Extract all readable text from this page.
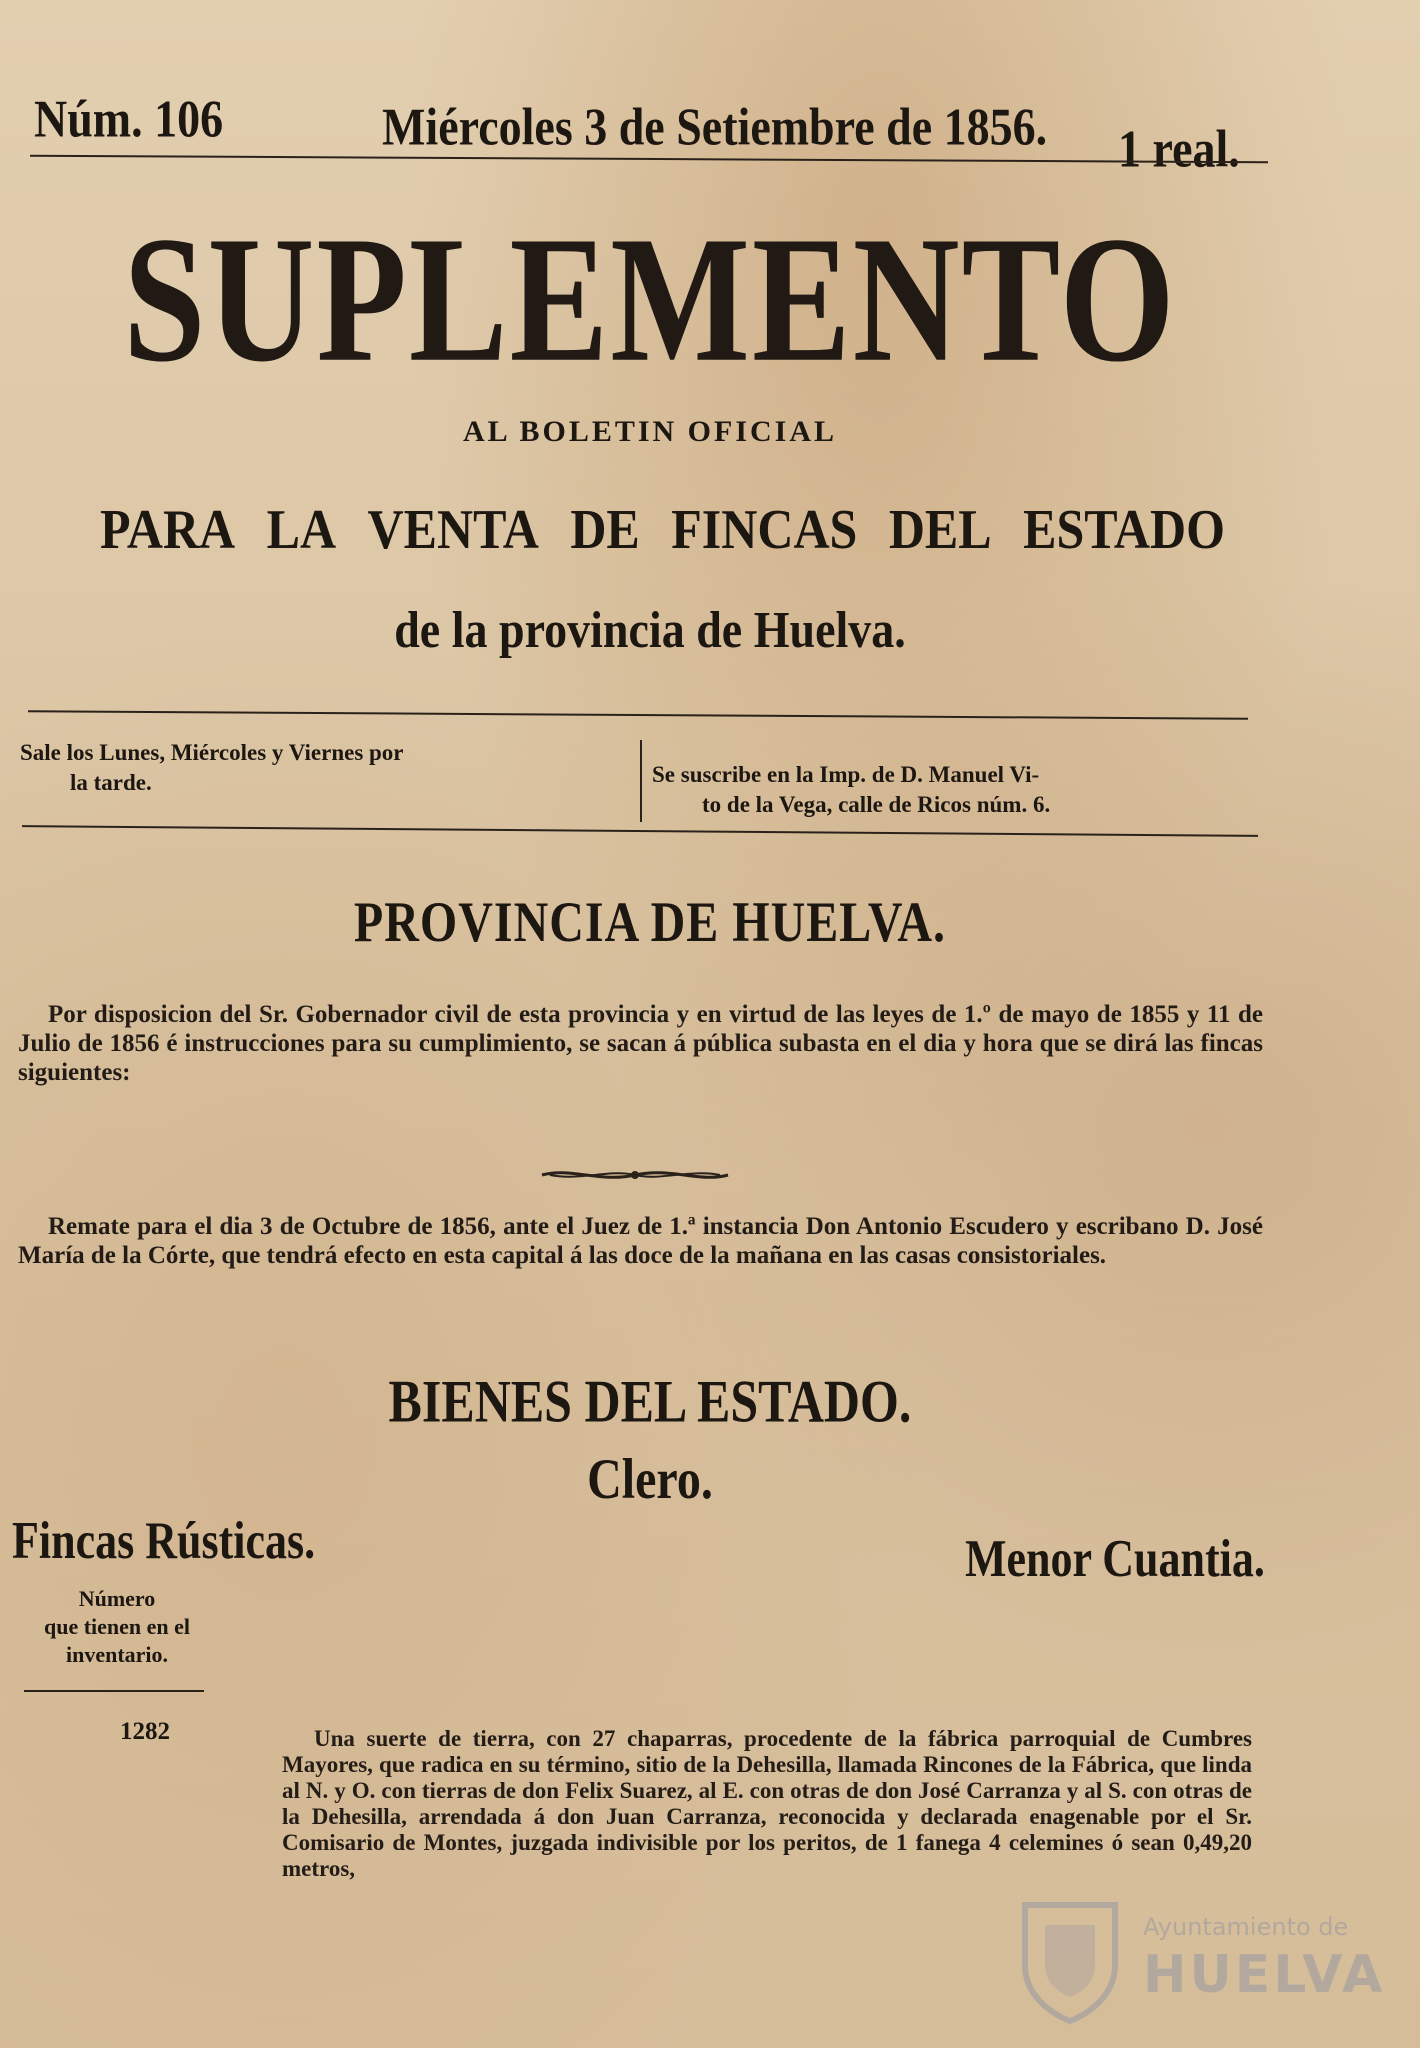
Núm. 106	Miércoles 3 de Setiembre de 1856. 1 real.
SUPLEMENTO
AL BOLETIN OFICIAL
PARA LA VENTA DE FINCAS DEL ESTADO
de la provincia de Huelva.
Sale los Lunes, Miércoles y Viernes por
la tarde.	Se suscribe en la Imp. de D. Manuel Vi-
to de la Vega, calle de Ricos núm. 6.
PROVINCIA DE HUELVA.
Por disposicion del Sr. Gobernador civil de esta provincia y en virtud de las leyes de 1.º de mayo de 1855 y 11 de Julio de 1856 é instrucciones para su cumplimiento, se sacan á pública subasta en el dia y hora que se dirá las fincas siguientes:
Remate para el dia 3 de Octubre de 1856, ante el Juez de 1.ª instancia Don Antonio Escudero y escribano D. José María de la Córte, que tendrá efecto en esta capital á las doce de la mañana en las casas consistoriales.
BIENES DEL ESTADO.
Clero.
Fincas Rústicas.	Menor Cuantia.
Número
que tienen en el
inventario.
1282	Una suerte de tierra, con 27 chaparras, procedente de la fábrica parroquial de Cumbres Mayores, que radica en su término, sitio de la Dehesilla, llamada Rincones de la Fábrica, que linda al N. y O. con tierras de don Felix Suarez, al E. con otras de don José Carranza y al S. con otras de la Dehesilla, arrendada á don Juan Carranza, reconocida y declarada enagenable por el Sr. Comisario de Montes, juzgada indivisible por los peritos, de 1 fanega 4 celemines ó sean 0,49,20 metros,
Ayuntamiento de
HUELVA
